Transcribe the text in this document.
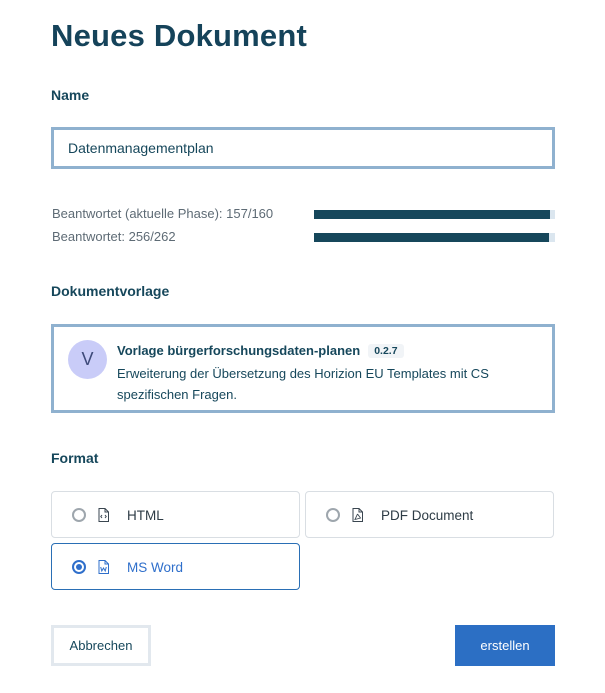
Neues Dokument
Name
Datenmanagementplan
Beantwortet (aktuelle Phase): 157/160
Beantwortet: 256/262
Dokumentvorlage
V	Vorlage bürgerforschungsdaten-planen 0.2.7
Erweiterung der Übersetzung des Horizion EU Templates mit CS spezifischen Fragen.
Format
HTML	PDF Document
MS Word
Abbrechen	erstellen
